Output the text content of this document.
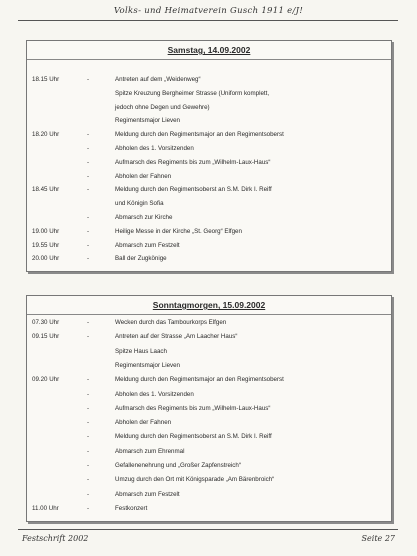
Volks- und Heimatverein Gusch 1911 e/J!
Samstag, 14.09.2002
18.15 Uhr	-	Antreten auf dem „Weidenweg“
Spitze Kreuzung Bergheimer Strasse (Uniform komplett,
jedoch ohne Degen und Gewehre)
Regimentsmajor Lieven
18.20 Uhr	-	Meldung durch den Regimentsmajor an den Regimentsoberst
-	Abholen des 1. Vorsitzenden
-	Aufmarsch des Regiments bis zum „Wilhelm-Laux-Haus“
-	Abholen der Fahnen
18.45 Uhr	-	Meldung durch den Regimentsoberst an S.M. Dirk I. Reiff
und Königin Sofia
-	Abmarsch zur Kirche
19.00 Uhr	-	Heilige Messe in der Kirche „St. Georg“ Elfgen
19.55 Uhr	-	Abmarsch zum Festzelt
20.00 Uhr	-	Ball der Zugkönige
Sonntagmorgen, 15.09.2002
07.30 Uhr	-	Wecken durch das Tambourkorps Elfgen
09.15 Uhr	-	Antreten auf der Strasse „Am Laacher Haus“
Spitze Haus Laach
Regimentsmajor Lieven
09.20 Uhr	-	Meldung durch den Regimentsmajor an den Regimentsoberst
-	Abholen des 1. Vorsitzenden
-	Aufmarsch des Regiments bis zum „Wilhelm-Laux-Haus“
-	Abholen der Fahnen
-	Meldung durch den Regimentsoberst an S.M. Dirk I. Reiff
-	Abmarsch zum Ehrenmal
-	Gefallenenehrung und „Großer Zapfenstreich“
-	Umzug durch den Ort mit Königsparade „Am Bärenbroich“
-	Abmarsch zum Festzelt
11.00 Uhr	-	Festkonzert
Festschrift 2002	Seite 27
